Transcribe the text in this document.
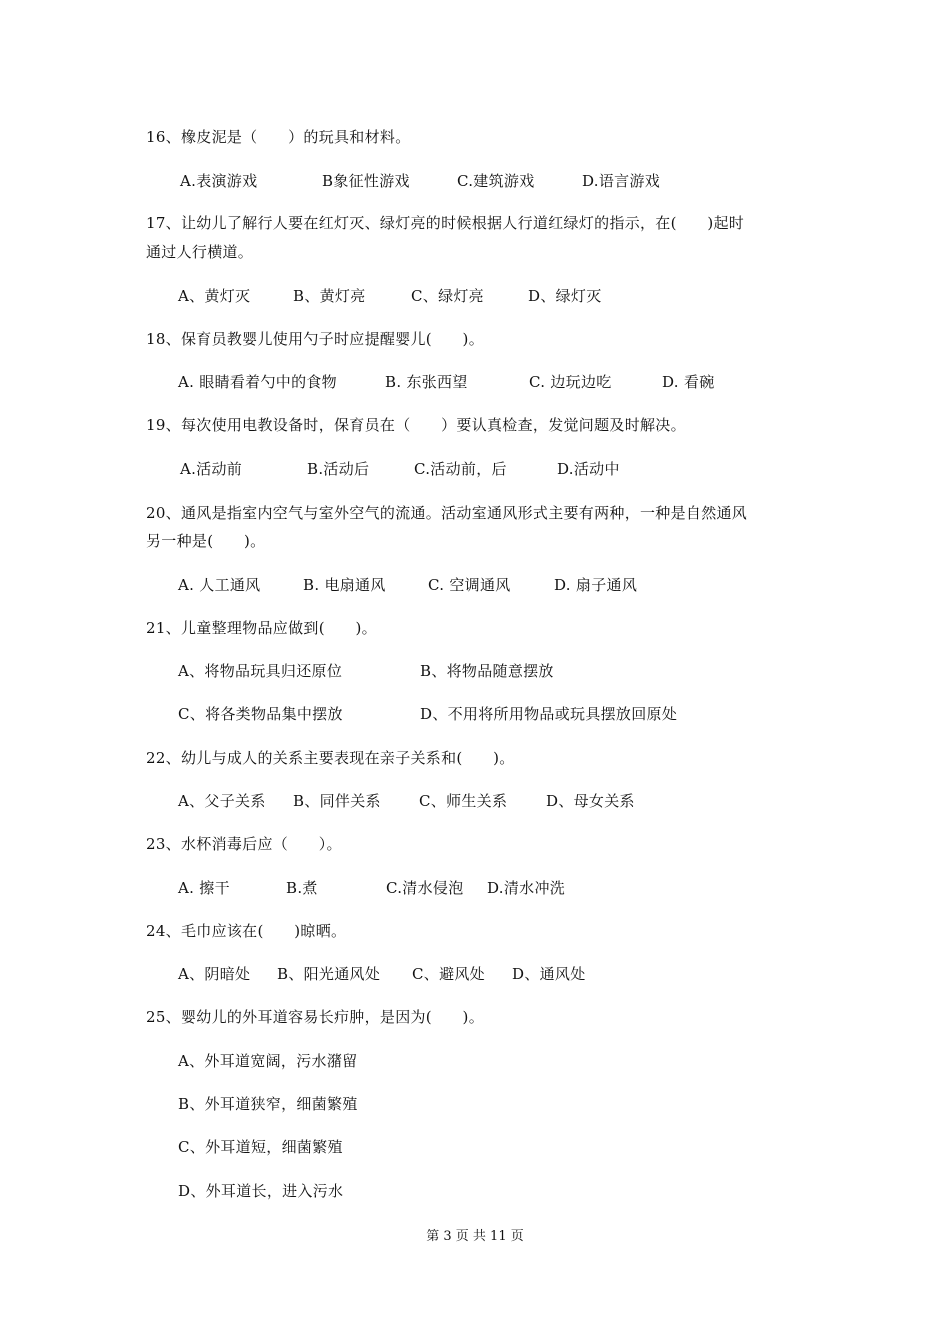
16、橡皮泥是（　　）的玩具和材料。
A.表演游戏	B象征性游戏	C.建筑游戏	D.语言游戏
17、让幼儿了解行人要在红灯灭、绿灯亮的时候根据人行道红绿灯的指示，在(　　)起时
通过人行横道。
A、黄灯灭	B、黄灯亮	C、绿灯亮	D、绿灯灭
18、保育员教婴儿使用勺子时应提醒婴儿(　　)。
A. 眼睛看着勺中的食物	B. 东张西望	C. 边玩边吃	D. 看碗
19、每次使用电教设备时，保育员在（　　）要认真检查，发觉问题及时解决。
A.活动前	B.活动后	C.活动前，后	D.活动中
20、通风是指室内空气与室外空气的流通。活动室通风形式主要有两种，一种是自然通风
另一种是(　　)。
A. 人工通风	B. 电扇通风	C. 空调通风	D. 扇子通风
21、儿童整理物品应做到(　　)。
A、将物品玩具归还原位	B、将物品随意摆放
C、将各类物品集中摆放	D、不用将所用物品或玩具摆放回原处
22、幼儿与成人的关系主要表现在亲子关系和(　　)。
A、父子关系 B、同伴关系	C、师生关系	D、母女关系
23、水杯消毒后应（　　）。
A. 擦干	B.煮	C.清水侵泡 D.清水冲洗
24、毛巾应该在(　　)晾晒。
A、阴暗处 B、阳光通风处 C、避风处 D、通风处
25、婴幼儿的外耳道容易长疖肿，是因为(　　)。
A、外耳道宽阔，污水潴留
B、外耳道狭窄，细菌繁殖
C、外耳道短，细菌繁殖
D、外耳道长，进入污水
第 3 页 共 11 页
